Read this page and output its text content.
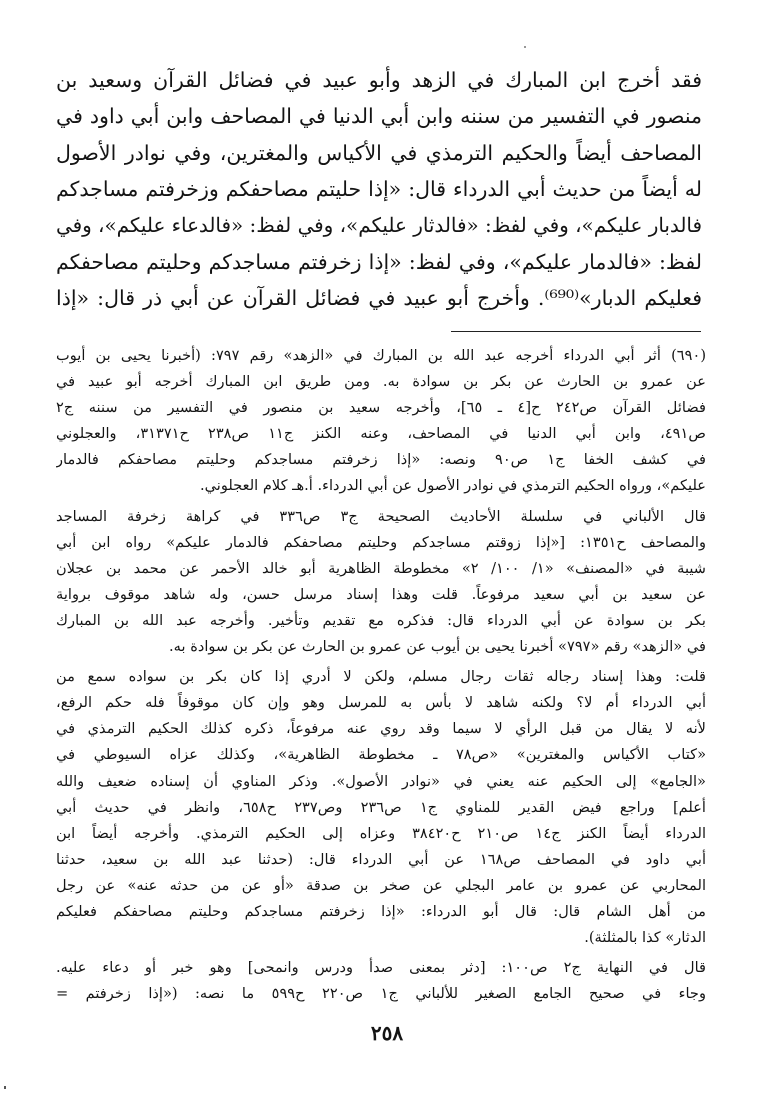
فقد أخرج ابن المبارك في الزهد وأبو عبيد في فضائل القرآن وسعيد بن
منصور في التفسير من سننه وابن أبي الدنيا في المصاحف وابن أبي داود في
المصاحف أيضاً والحكيم الترمذي في الأكياس والمغترين، وفي نوادر الأصول
له أيضاً من حديث أبي الدرداء قال: «إذا حليتم مصاحفكم وزخرفتم مساجدكم
فالدبار عليكم»، وفي لفظ: «فالدثار عليكم»، وفي لفظ: «فالدعاء عليكم»، وفي
لفظ: «فالدمار عليكم»، وفي لفظ: «إذا زخرفتم مساجدكم وحليتم مصاحفكم
فعليكم الدبار»⁽⁶⁹⁰⁾. وأخرج أبو عبيد في فضائل القرآن عن أبي ذر قال: «إذا
(٦٩٠) أثر أبي الدرداء أخرجه عبد الله بن المبارك في «الزهد» رقم ٧٩٧: (أخبرنا يحيى بن أيوب
عن عمرو بن الحارث عن بكر بن سوادة به. ومن طريق ابن المبارك أخرجه أبو عبيد في
فضائل القرآن ص٢٤٢ ح[٤ ـ ٦٥]، وأخرجه سعيد بن منصور في التفسير من سننه ج٢
ص٤٩١، وابن أبي الدنيا في المصاحف، وعنه الكنز ج١١ ص٢٣٨ ح٣١٣٧١، والعجلوني
في كشف الخفا ج١ ص٩٠ ونصه: «إذا زخرفتم مساجدكم وحليتم مصاحفكم فالدمار
عليكم»، ورواه الحكيم الترمذي في نوادر الأصول عن أبي الدرداء. أ.هـ كلام العجلوني.
قال الألباني في سلسلة الأحاديث الصحيحة ج٣ ص٣٣٦ في كراهة زخرفة المساجد
والمصاحف ح١٣٥١: [«إذا زوقتم مساجدكم وحليتم مصاحفكم فالدمار عليكم» رواه ابن أبي
شيبة في «المصنف» «١/ ١٠٠/ ٢» مخطوطة الظاهرية أبو خالد الأحمر عن محمد بن عجلان
عن سعيد بن أبي سعيد مرفوعاً. قلت وهذا إسناد مرسل حسن، وله شاهد موقوف برواية
بكر بن سوادة عن أبي الدرداء قال: فذكره مع تقديم وتأخير. وأخرجه عبد الله بن المبارك
في «الزهد» رقم «٧٩٧» أخبرنا يحيى بن أيوب عن عمرو بن الحارث عن بكر بن سوادة به.
قلت: وهذا إسناد رجاله ثقات رجال مسلم، ولكن لا أدري إذا كان بكر بن سواده سمع من
أبي الدرداء أم لا؟ ولكنه شاهد لا بأس به للمرسل وهو وإن كان موقوفاً فله حكم الرفع،
لأنه لا يقال من قبل الرأي لا سيما وقد روي عنه مرفوعاً، ذكره كذلك الحكيم الترمذي في
«كتاب الأكياس والمغترين» «ص٧٨ ـ مخطوطة الظاهرية»، وكذلك عزاه السيوطي في
«الجامع» إلى الحكيم عنه يعني في «نوادر الأصول». وذكر المناوي أن إسناده ضعيف والله
أعلم] وراجع فيض القدير للمناوي ج١ ص٢٣٦ وص٢٣٧ ح٦٥٨، وانظر في حديث أبي
الدرداء أيضاً الكنز ج١٤ ص٢١٠ ح٣٨٤٢٠ وعزاه إلى الحكيم الترمذي. وأخرجه أيضاً ابن
أبي داود في المصاحف ص١٦٨ عن أبي الدرداء قال: (حدثنا عبد الله بن سعيد، حدثنا
المحاربي عن عمرو بن عامر البجلي عن صخر بن صدقة «أو عن من حدثه عنه» عن رجل
من أهل الشام قال: قال أبو الدرداء: «إذا زخرفتم مساجدكم وحليتم مصاحفكم فعليكم
الدثار» كذا بالمثلثة).
قال في النهاية ج٢ ص١٠٠: [دثر بمعنى صدأ ودرس وانمحى] وهو خبر أو دعاء عليه.
وجاء في صحيح الجامع الصغير للألباني ج١ ص٢٢٠ ح٥٩٩ ما نصه: («إذا زخرفتم =
٢٥٨
